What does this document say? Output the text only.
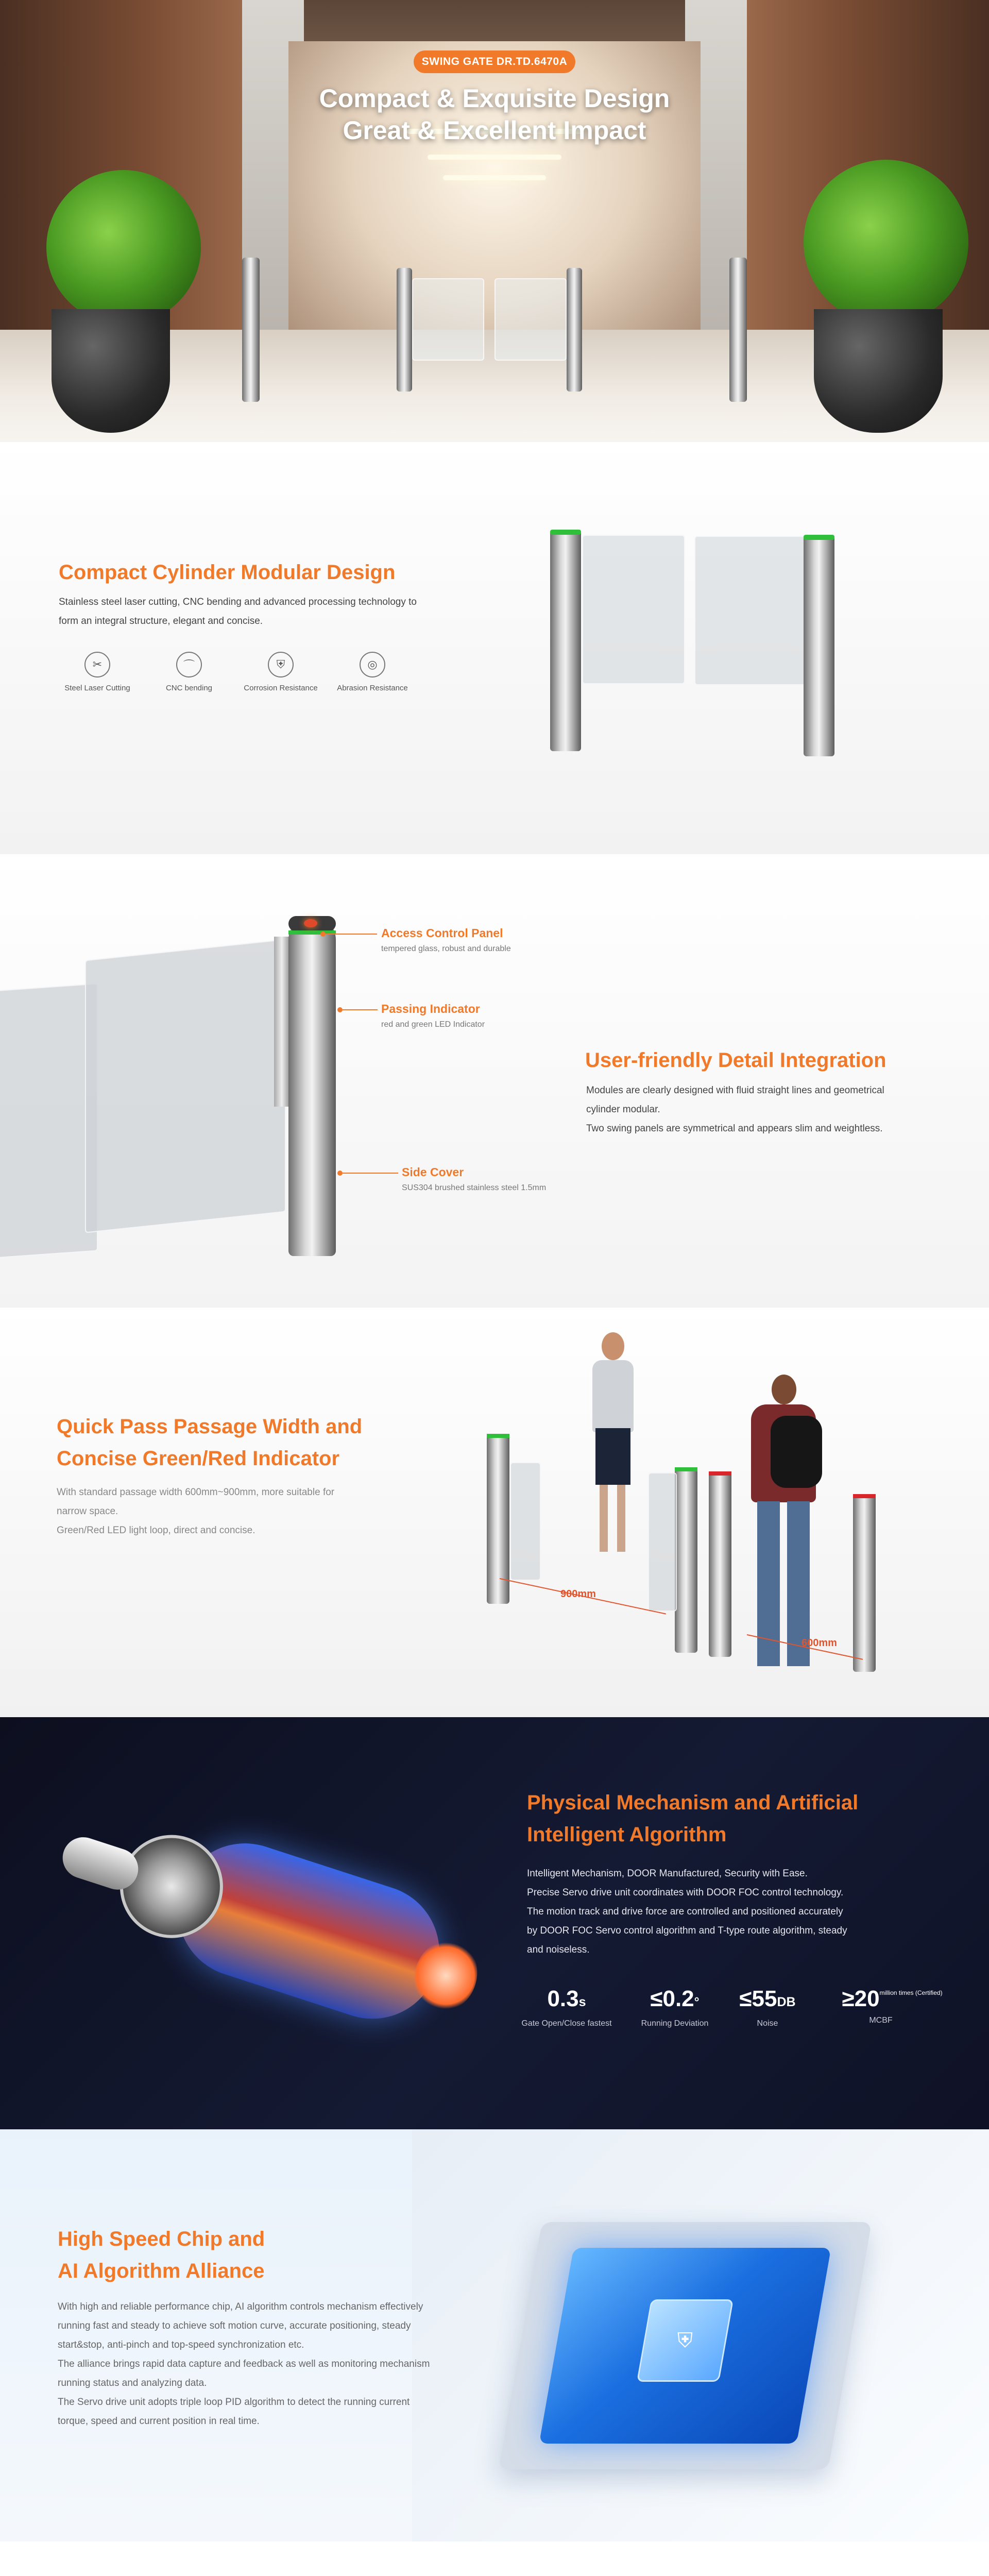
SWING GATE DR.TD.6470A
Compact & Exquisite Design
Great & Excellent Impact
Compact Cylinder Modular Design
Stainless steel laser cutting, CNC bending and advanced processing technology to
form an integral structure, elegant and concise.
✂
Steel Laser Cutting
⌒
CNC bending
⛨
Corrosion Resistance
◎
Abrasion Resistance
Access Control Panel
tempered glass, robust and durable
Passing Indicator
red and green LED Indicator
Side Cover
SUS304 brushed stainless steel 1.5mm
User-friendly Detail Integration
Modules are clearly designed with fluid straight lines and geometrical
cylinder modular.
Two swing panels are symmetrical and appears slim and weightless.
Quick Pass Passage Width and
Concise Green/Red Indicator
With standard passage width 600mm~900mm, more suitable for
narrow space.
Green/Red LED light loop, direct and concise.
900mm
600mm
Physical Mechanism and Artificial
Intelligent Algorithm
Intelligent Mechanism, DOOR Manufactured, Security with Ease.
Precise Servo drive unit coordinates with DOOR FOC control technology.
The motion track and drive force are controlled and positioned accurately
by DOOR FOC Servo control algorithm and T-type route algorithm, steady
and noiseless.
0.3s
Gate Open/Close fastest
≤0.2°
Running Deviation
≤55DB
Noise
$\ge 20^{million times (Certified)}$
MCBF
⛨
High Speed Chip and
AI Algorithm Alliance
With high and reliable performance chip, AI algorithm controls mechanism effectively
running fast and steady to achieve soft motion curve, accurate positioning, steady
start&stop, anti-pinch and top-speed synchronization etc.
The alliance brings rapid data capture and feedback as well as monitoring mechanism
running status and analyzing data.
The Servo drive unit adopts triple loop PID algorithm to detect the running current
torque, speed and current position in real time.
